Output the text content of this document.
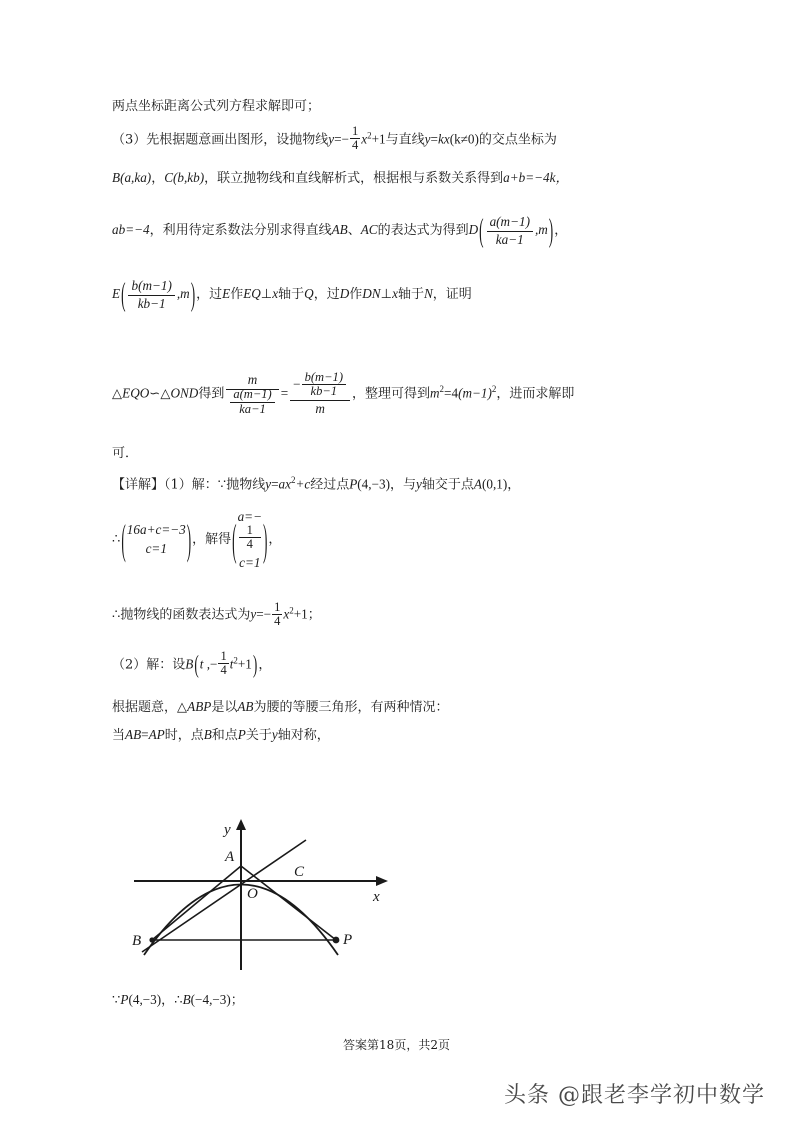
两点坐标距离公式列方程求解即可；
（3）先根据题意画出图形，设抛物线$y=- \frac{1}{4} x^2+1$与直线y=kx(k≠0)的交点坐标为
B(a,ka)，C(b,kb)，联立抛物线和直线解析式，根据根与系数关系得到a+b=−4k，
ab=−4，利用待定系数法分别求得直线AB、AC的表达式为得到$D( \frac{a(m-1)}{ka-1} ,m)$，
$E( \frac{b(m-1)}{kb-1} ,m)$，过E作EQ⊥x轴于Q，过D作DN⊥x轴于N，证明
△EQO∽△OND得到 $\frac{m}{\frac{a(m-1)}{ka-1}} = \frac{- \frac{b(m-1)}{kb-1}}{m}$ ，整理可得到$m^2=4(m-1)^2$，进而求解即
可．
【详解】（1）解：∵抛物线$y=ax^2+c$经过点P(4,−3)，与y轴交于点A(0,1)，
∴( 16a+c=−3
c=1	)，解得( a=−
1
4
c=1 )，
∴抛物线的函数表达式为$y=- \frac{1}{4} x^2+1$；
（2）解：设B(t ,− $\frac{1}{4} t^2+1$)，
根据题意，△ABP是以AB为腰的等腰三角形，有两种情况：
当AB=AP时，点B和点P关于y轴对称，
A
B
C
P
O
y
x
∵P(4,−3)，∴B(−4,−3)；
答案第18页，共2页
头条 @跟老李学初中数学
